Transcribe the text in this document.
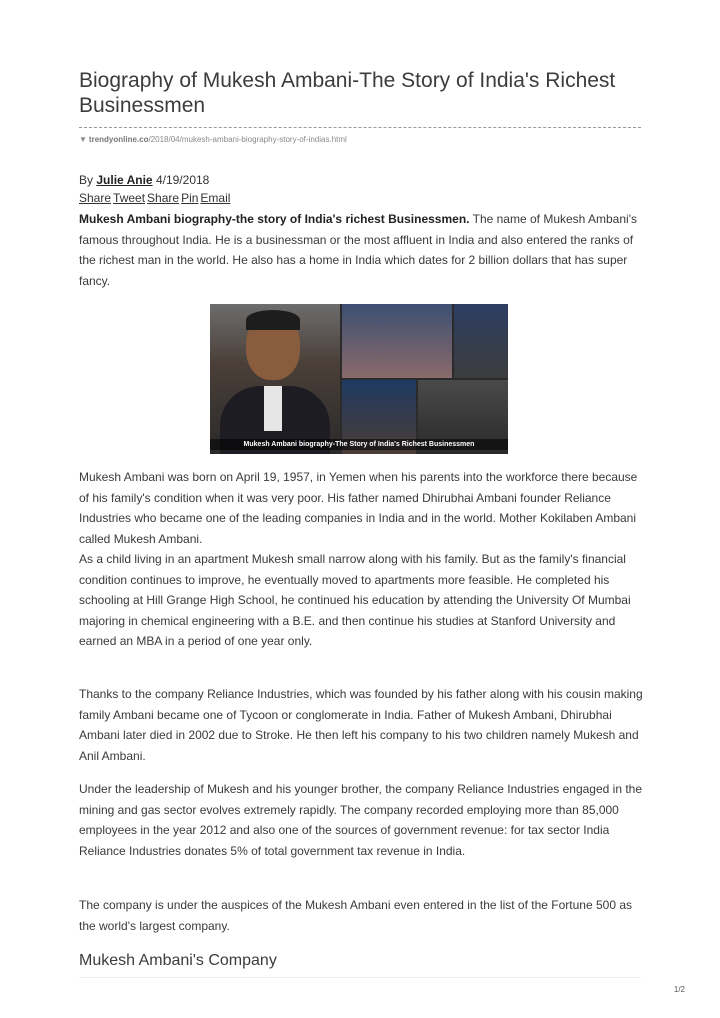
Biography of Mukesh Ambani-The Story of India's Richest Businessmen
▼ trendyonline.co/2018/04/mukesh-ambani-biography-story-of-indias.html
By Julie Anie 4/19/2018
Share Tweet Share Pin Email

Mukesh Ambani biography-the story of India's richest Businessmen. The name of Mukesh Ambani's famous throughout India. He is a businessman or the most affluent in India and also entered the ranks of the richest man in the world. He also has a home in India which dates for 2 billion dollars that has super fancy.

Mukesh Ambani biography-The Story of India's Richest Businessmen

Mukesh Ambani was born on April 19, 1957, in Yemen when his parents into the workforce there because of his family's condition when it was very poor. His father named Dhirubhai Ambani founder Reliance Industries who became one of the leading companies in India and in the world. Mother Kokilaben Ambani called Mukesh Ambani.

As a child living in an apartment Mukesh small narrow along with his family. But as the family's financial condition continues to improve, he eventually moved to apartments more feasible. He completed his schooling at Hill Grange High School, he continued his education by attending the University Of Mumbai majoring in chemical engineering with a B.E. and then continue his studies at Stanford University and earned an MBA in a period of one year only.

Thanks to the company Reliance Industries, which was founded by his father along with his cousin making family Ambani became one of Tycoon or conglomerate in India. Father of Mukesh Ambani, Dhirubhai Ambani later died in 2002 due to Stroke. He then left his company to his two children namely Mukesh and Anil Ambani.

Under the leadership of Mukesh and his younger brother, the company Reliance Industries engaged in the mining and gas sector evolves extremely rapidly. The company recorded employing more than 85,000 employees in the year 2012 and also one of the sources of government revenue: for tax sector India Reliance Industries donates 5% of total government tax revenue in India.

The company is under the auspices of the Mukesh Ambani even entered in the list of the Fortune 500 as the world's largest company.

Mukesh Ambani's Company
1/2
